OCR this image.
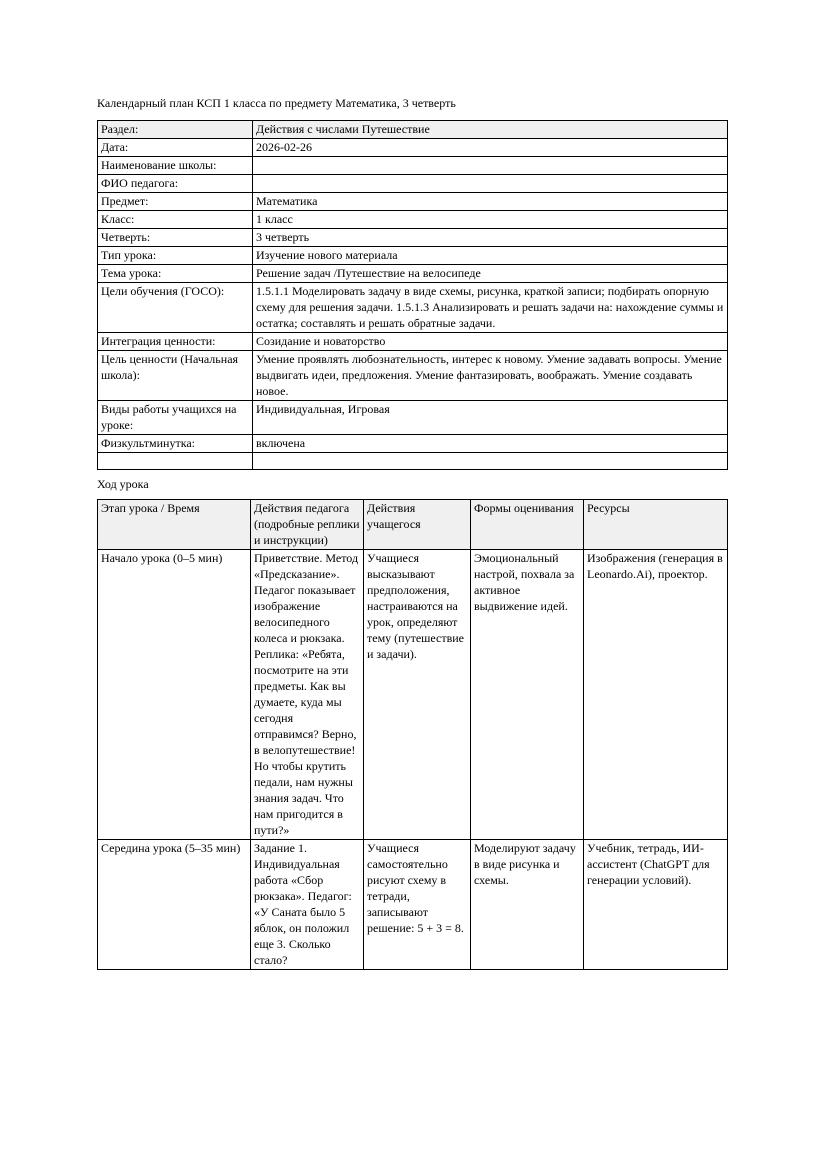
Календарный план КСП 1 класса по предмету Математика, 3 четверть

Раздел:	Действия с числами Путешествие
Дата:	2026-02-26
Наименование школы:	
ФИО педагога:	
Предмет:	Математика
Класс:	1 класс
Четверть:	3 четверть
Тип урока:	Изучение нового материала
Тема урока:	Решение задач /Путешествие на велосипеде
Цели обучения (ГОСО):	1.5.1.1 Моделировать задачу в виде схемы, рисунка, краткой записи; подбирать опорную схему для решения задачи. 1.5.1.3 Анализировать и решать задачи на: нахождение суммы и остатка; составлять и решать обратные задачи.
Интеграция ценности:	Созидание и новаторство
Цель ценности (Начальная школа):	Умение проявлять любознательность, интерес к новому. Умение задавать вопросы. Умение выдвигать идеи, предложения. Умение фантазировать, воображать. Умение создавать новое.
Виды работы учащихся на уроке:	Индивидуальная, Игровая
Физкультминутка:	включена

Ход урока

Этап урока / Время	Действия педагога (подробные реплики и инструкции)	Действия учащегося	Формы оценивания	Ресурсы
Начало урока (0–5 мин)	Приветствие. Метод «Предсказание». Педагог показывает изображение велосипедного колеса и рюкзака. Реплика: «Ребята, посмотрите на эти предметы. Как вы думаете, куда мы сегодня отправимся? Верно, в велопутешествие! Но чтобы крутить педали, нам нужны знания задач. Что нам пригодится в пути?»	Учащиеся высказывают предположения, настраиваются на урок, определяют тему (путешествие и задачи).	Эмоциональный настрой, похвала за активное выдвижение идей.	Изображения (генерация в Leonardo.Ai), проектор.
Середина урока (5–35 мин)	Задание 1. Индивидуальная работа «Сбор рюкзака». Педагог: «У Саната было 5 яблок, он положил еще 3. Сколько стало?	Учащиеся самостоятельно рисуют схему в тетради, записывают решение: 5 + 3 = 8.	Моделируют задачу в виде рисунка и схемы.	Учебник, тетрадь, ИИ-ассистент (ChatGPT для генерации условий).
